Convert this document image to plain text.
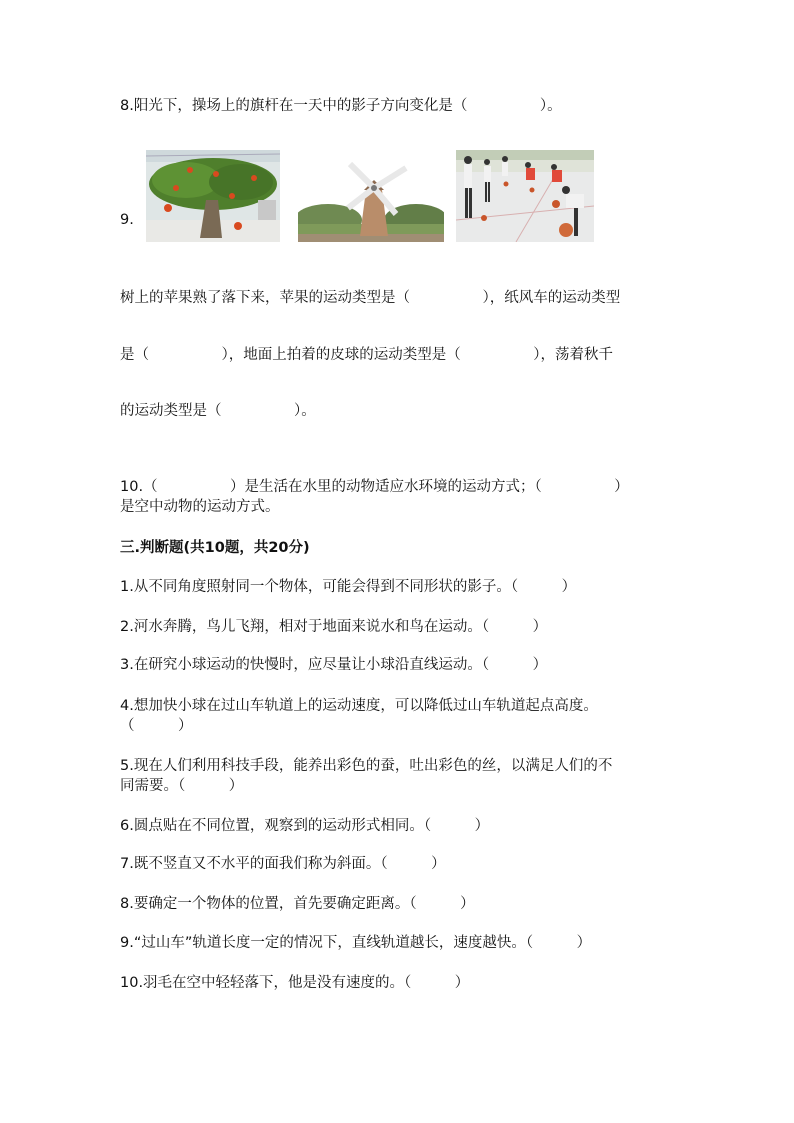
8.阳光下，操场上的旗杆在一天中的影子方向变化是（　　　　　）。
9.
树上的苹果熟了落下来，苹果的运动类型是（　　　　　），纸风车的运动类型
是（　　　　　），地面上拍着的皮球的运动类型是（　　　　　），荡着秋千
的运动类型是（　　　　　）。
10.（　　　　　）是生活在水里的动物适应水环境的运动方式；（　　　　　）
是空中动物的运动方式。
三.判断题(共10题，共20分)
1.从不同角度照射同一个物体，可能会得到不同形状的影子。（　　　）
2.河水奔腾，鸟儿飞翔，相对于地面来说水和鸟在运动。（　　　）
3.在研究小球运动的快慢时，应尽量让小球沿直线运动。（　　　）
4.想加快小球在过山车轨道上的运动速度，可以降低过山车轨道起点高度。
（　　　）
5.现在人们利用科技手段，能养出彩色的蚕，吐出彩色的丝，以满足人们的不
同需要。（　　　）
6.圆点贴在不同位置，观察到的运动形式相同。（　　　）
7.既不竖直又不水平的面我们称为斜面。（　　　）
8.要确定一个物体的位置，首先要确定距离。（　　　）
9.“过山车”轨道长度一定的情况下，直线轨道越长，速度越快。（　　　）
10.羽毛在空中轻轻落下，他是没有速度的。（　　　）
